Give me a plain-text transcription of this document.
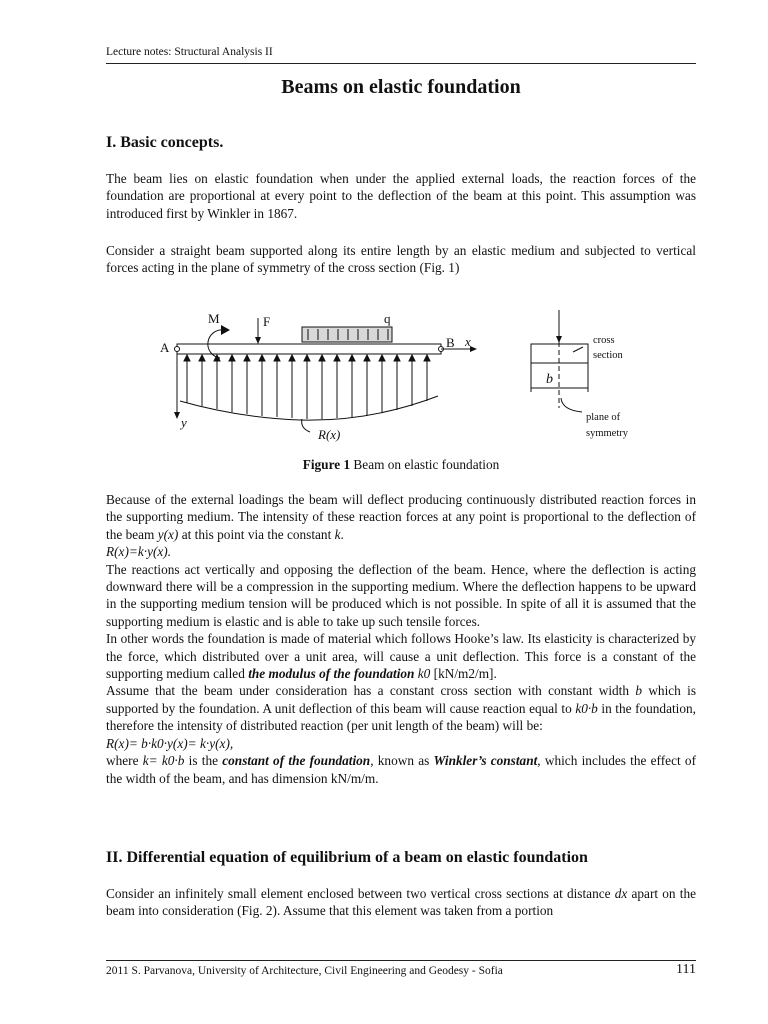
Lecture notes: Structural Analysis II
Beams on elastic foundation
I. Basic concepts.

The beam lies on elastic foundation when under the applied external loads, the reaction forces of the foundation are proportional at every point to the deflection of the beam at this point. This assumption was introduced first by Winkler in 1867.

Consider a straight beam supported along its entire length by an elastic medium and subjected to vertical forces acting in the plane of symmetry of the cross section (Fig. 1)

M	F	q
A	B x
y
R(x)
b
cross
section
plane of
symmetry
Figure 1 Beam on elastic foundation

Because of the external loadings the beam will deflect producing continuously distributed reaction forces in the supporting medium. The intensity of these reaction forces at any point is proportional to the deflection of the beam y(x) at this point via the constant k.

R(x)=k·y(x).

The reactions act vertically and opposing the deflection of the beam. Hence, where the deflection is acting downward there will be a compression in the supporting medium. Where the deflection happens to be upward in the supporting medium tension will be produced which is not possible. In spite of all it is assumed that the supporting medium is elastic and is able to take up such tensile forces.

In other words the foundation is made of material which follows Hooke’s law. Its elasticity is characterized by the force, which distributed over a unit area, will cause a unit deflection. This force is a constant of the supporting medium called the modulus of the foundation k0 [kN/m2/m].

Assume that the beam under consideration has a constant cross section with constant width b which is supported by the foundation. A unit deflection of this beam will cause reaction equal to k0·b in the foundation, therefore the intensity of distributed reaction (per unit length of the beam) will be:

R(x)= b·k0·y(x)= k·y(x),

where k= k0·b is the constant of the foundation, known as Winkler’s constant, which includes the effect of the width of the beam, and has dimension kN/m/m.

II. Differential equation of equilibrium of a beam on elastic foundation

Consider an infinitely small element enclosed between two vertical cross sections at distance dx apart on the beam into consideration (Fig. 2). Assume that this element was taken from a portion

2011 S. Parvanova, University of Architecture, Civil Engineering and Geodesy - Sofia	111
